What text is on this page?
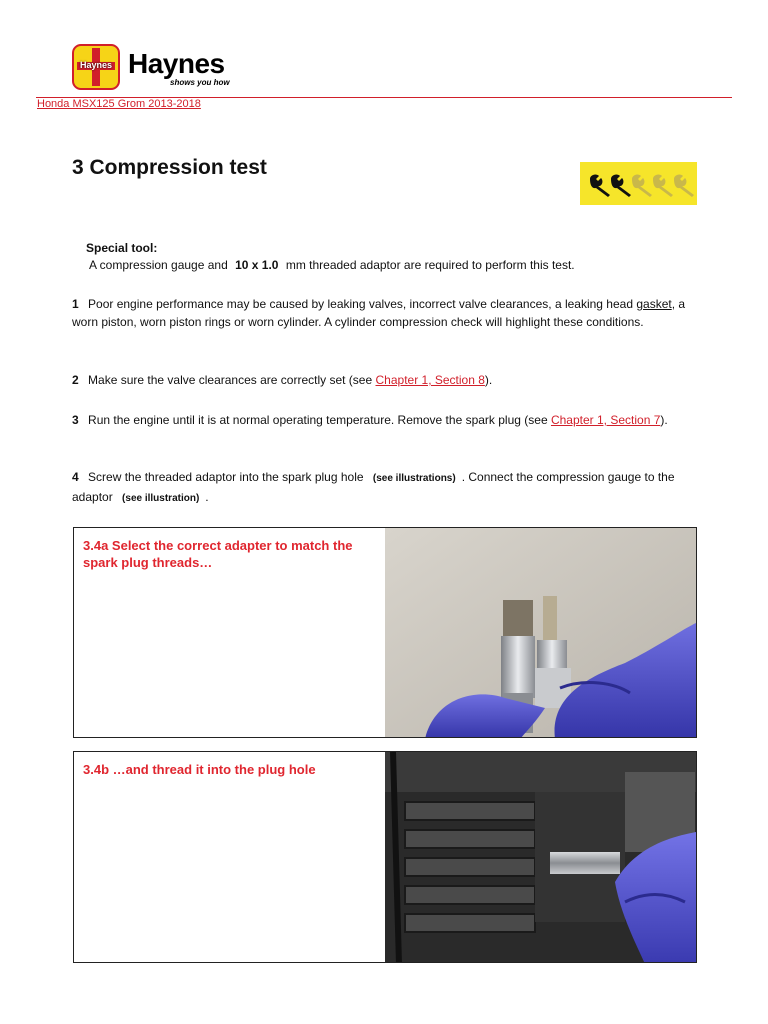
Haynes Haynes
shows you how
Honda MSX125 Grom 2013-2018
3 Compression test
Special tool:
A compression gauge and 10 x 1.0 mm threaded adaptor are required to perform this test.
1 Poor engine performance may be caused by leaking valves, incorrect valve clearances, a leaking head gasket, a worn piston, worn piston rings or worn cylinder. A cylinder compression check will highlight these conditions.
2 Make sure the valve clearances are correctly set (see Chapter 1, Section 8).
3 Run the engine until it is at normal operating temperature. Remove the spark plug (see Chapter 1, Section 7).
4 Screw the threaded adaptor into the spark plug hole (see illustrations) . Connect the compression gauge to the adaptor (see illustration) .
3.4a Select the correct adapter to match the spark plug threads…
3.4b …and thread it into the plug hole
